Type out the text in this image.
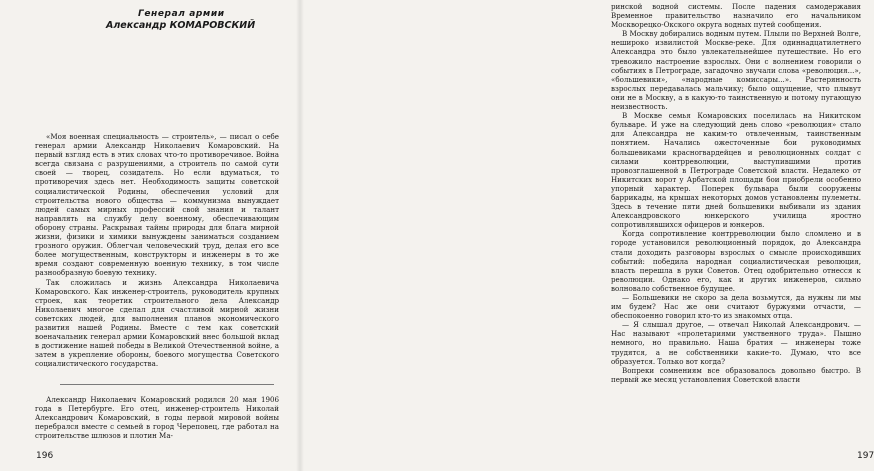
Генерал армии
Александр КОМАРОВСКИЙ

«Моя военная специальность — строитель», — писал о себе генерал армии Александр Николаевич Комаровский. На первый взгляд есть в этих словах что-то противоречивое. Война всегда связана с разрушениями, а строитель по самой сути своей — творец, созидатель. Но если вдуматься, то противоречия здесь нет. Необходимость защиты советской социалистической Родины, обеспечения условий для строительства нового общества — коммунизма вынуждает людей самых мирных профессий свой знания и талант направлять на службу делу военному, обеспечивающим оборону страны. Раскрывая тайны природы для блага мирной жизни, физики и химики вынуждены заниматься созданием грозного оружия. Облегчая человеческий труд, делая его все более могущественным, конструкторы и инженеры в то же время создают современную военную технику, в том числе разнообразную боевую технику.

Так сложилась и жизнь Александра Николаевича Комаровского. Как инженер-строитель, руководитель крупных строек, как теоретик строительного дела Александр Николаевич многое сделал для счастливой мирной жизни советских людей, для выполнения планов экономического развития нашей Родины. Вместе с тем как советский военачальник генерал армии Комаровский внес большой вклад в достижение нашей победы в Великой Отечественной войне, а затем в укрепление обороны, боевого могущества Советского социалистического государства.

Александр Николаевич Комаровский родился 20 мая 1906 года в Петербурге. Его отец, инженер-строитель Николай Александрович Комаровский, в годы первой мировой войны перебрался вместе с семьей в город Череповец, где работал на строительстве шлюзов и плотин Ма-

196

ринской водной системы. После падения самодержавия Временное правительство назначило его начальником Москворецко-Окского округа водных путей сообщения.

В Москву добирались водным путем. Плыли по Верхней Волге, нешироко извилистой Москве-реке. Для одиннадцатилетнего Александра это было увлекательнейшее путешествие. Но его тревожило настроение взрослых. Они с волнением говорили о событиях в Петрограде, загадочно звучали слова «революция...», «большевики», «народные комиссары...». Растерянность взрослых передавалась мальчику; было ощущение, что плывут они не в Москву, а в какую-то таинственную и потому пугающую неизвестность.

В Москве семья Комаровских поселилась на Никитском бульваре. И уже на следующий день слово «революция» стало для Александра не каким-то отвлеченным, таинственным понятием. Начались ожесточенные бои руководимых большевиками красногвардейцев и революционных солдат с силами контрреволюции, выступившими против провозглашенной в Петрограде Советской власти. Недалеко от Никитских ворот у Арбатской площади бои приобрели особенно упорный характер. Поперек бульвара были сооружены баррикады, на крышах некоторых домов установлены пулеметы. Здесь в течение пяти дней большевики выбивали из здания Александровского юнкерского училища яростно сопротивлявшихся офицеров и юнкеров.

Когда сопротивление контрреволюции было сломлено и в городе установился революционный порядок, до Александра стали доходить разговоры взрослых о смысле происходивших событий: победила народная социалистическая революция, власть перешла в руки Советов. Отец одобрительно отнесся к революции. Однако его, как и других инженеров, сильно волновало собственное будущее.

— Большевики не скоро за дела возьмутся, да нужны ли мы им будем? Нас же они считают буржуями отчасти, — обеспокоенно говорил кто-то из знакомых отца.

— Я слышал другое, — отвечал Николай Александрович. — Нас называют «пролетариями умственного труда». Пышно немного, но правильно. Наша братия — инженеры тоже трудятся, а не собственники какие-то. Думаю, что все образуется. Только вот когда?

Вопреки сомнениям все образовалось довольно быстро. В первый же месяц установления Советской власти

197
